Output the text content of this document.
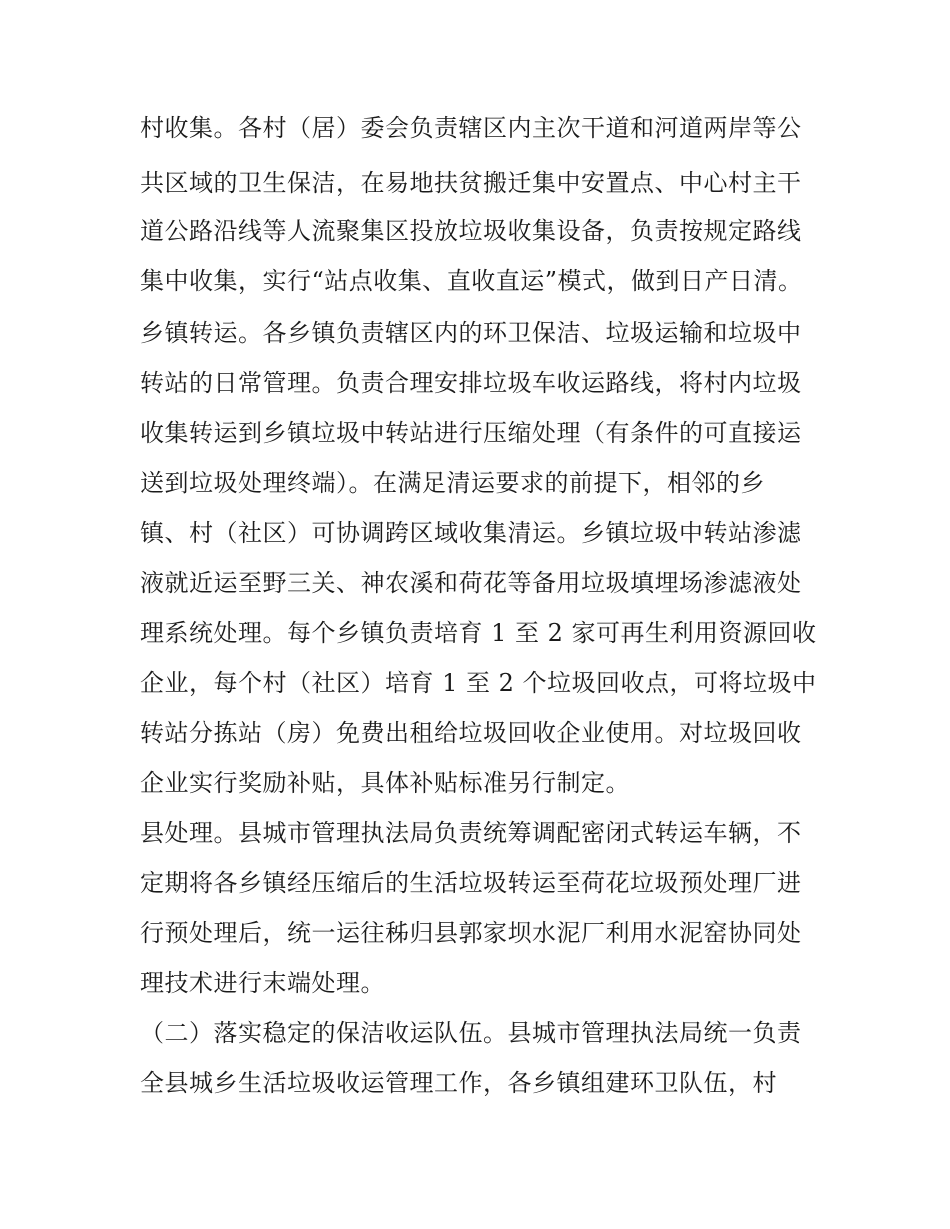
村收集。各村（居）委会负责辖区内主次干道和河道两岸等公
共区域的卫生保洁，在易地扶贫搬迁集中安置点、中心村主干
道公路沿线等人流聚集区投放垃圾收集设备，负责按规定路线
集中收集，实行“站点收集、直收直运”模式，做到日产日清。
乡镇转运。各乡镇负责辖区内的环卫保洁、垃圾运输和垃圾中
转站的日常管理。负责合理安排垃圾车收运路线，将村内垃圾
收集转运到乡镇垃圾中转站进行压缩处理（有条件的可直接运
送到垃圾处理终端）。在满足清运要求的前提下，相邻的乡
镇、村（社区）可协调跨区域收集清运。乡镇垃圾中转站渗滤
液就近运至野三关、神农溪和荷花等备用垃圾填埋场渗滤液处
理系统处理。每个乡镇负责培育 1 至 2 家可再生利用资源回收
企业，每个村（社区）培育 1 至 2 个垃圾回收点，可将垃圾中
转站分拣站（房）免费出租给垃圾回收企业使用。对垃圾回收
企业实行奖励补贴，具体补贴标准另行制定。
县处理。县城市管理执法局负责统筹调配密闭式转运车辆，不
定期将各乡镇经压缩后的生活垃圾转运至荷花垃圾预处理厂进
行预处理后，统一运往秭归县郭家坝水泥厂利用水泥窑协同处
理技术进行末端处理。
（二）落实稳定的保洁收运队伍。县城市管理执法局统一负责
全县城乡生活垃圾收运管理工作，各乡镇组建环卫队伍，村
